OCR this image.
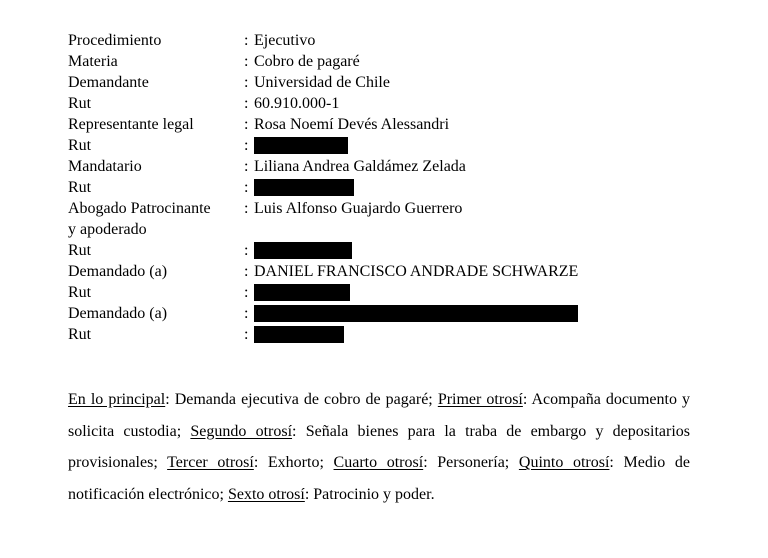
Procedimiento	: Ejecutivo
Materia	: Cobro de pagaré
Demandante	: Universidad de Chile
Rut	: 60.910.000-1
Representante legal	: Rosa Noemí Devés Alessandri
Rut	:
Mandatario	: Liliana Andrea Galdámez Zelada
Rut	:
Abogado Patrocinante : Luis Alfonso Guajardo Guerrero
y apoderado
Rut	:
Demandado (a)	: DANIEL FRANCISCO ANDRADE SCHWARZE
Rut	:
Demandado (a)	:
Rut	:
En lo principal: Demanda ejecutiva de cobro de pagaré; Primer otrosí: Acompaña documento y solicita custodia; Segundo otrosí: Señala bienes para la traba de embargo y depositarios provisionales; Tercer otrosí: Exhorto; Cuarto otrosí: Personería; Quinto otrosí: Medio de notificación electrónico; Sexto otrosí: Patrocinio y poder.
